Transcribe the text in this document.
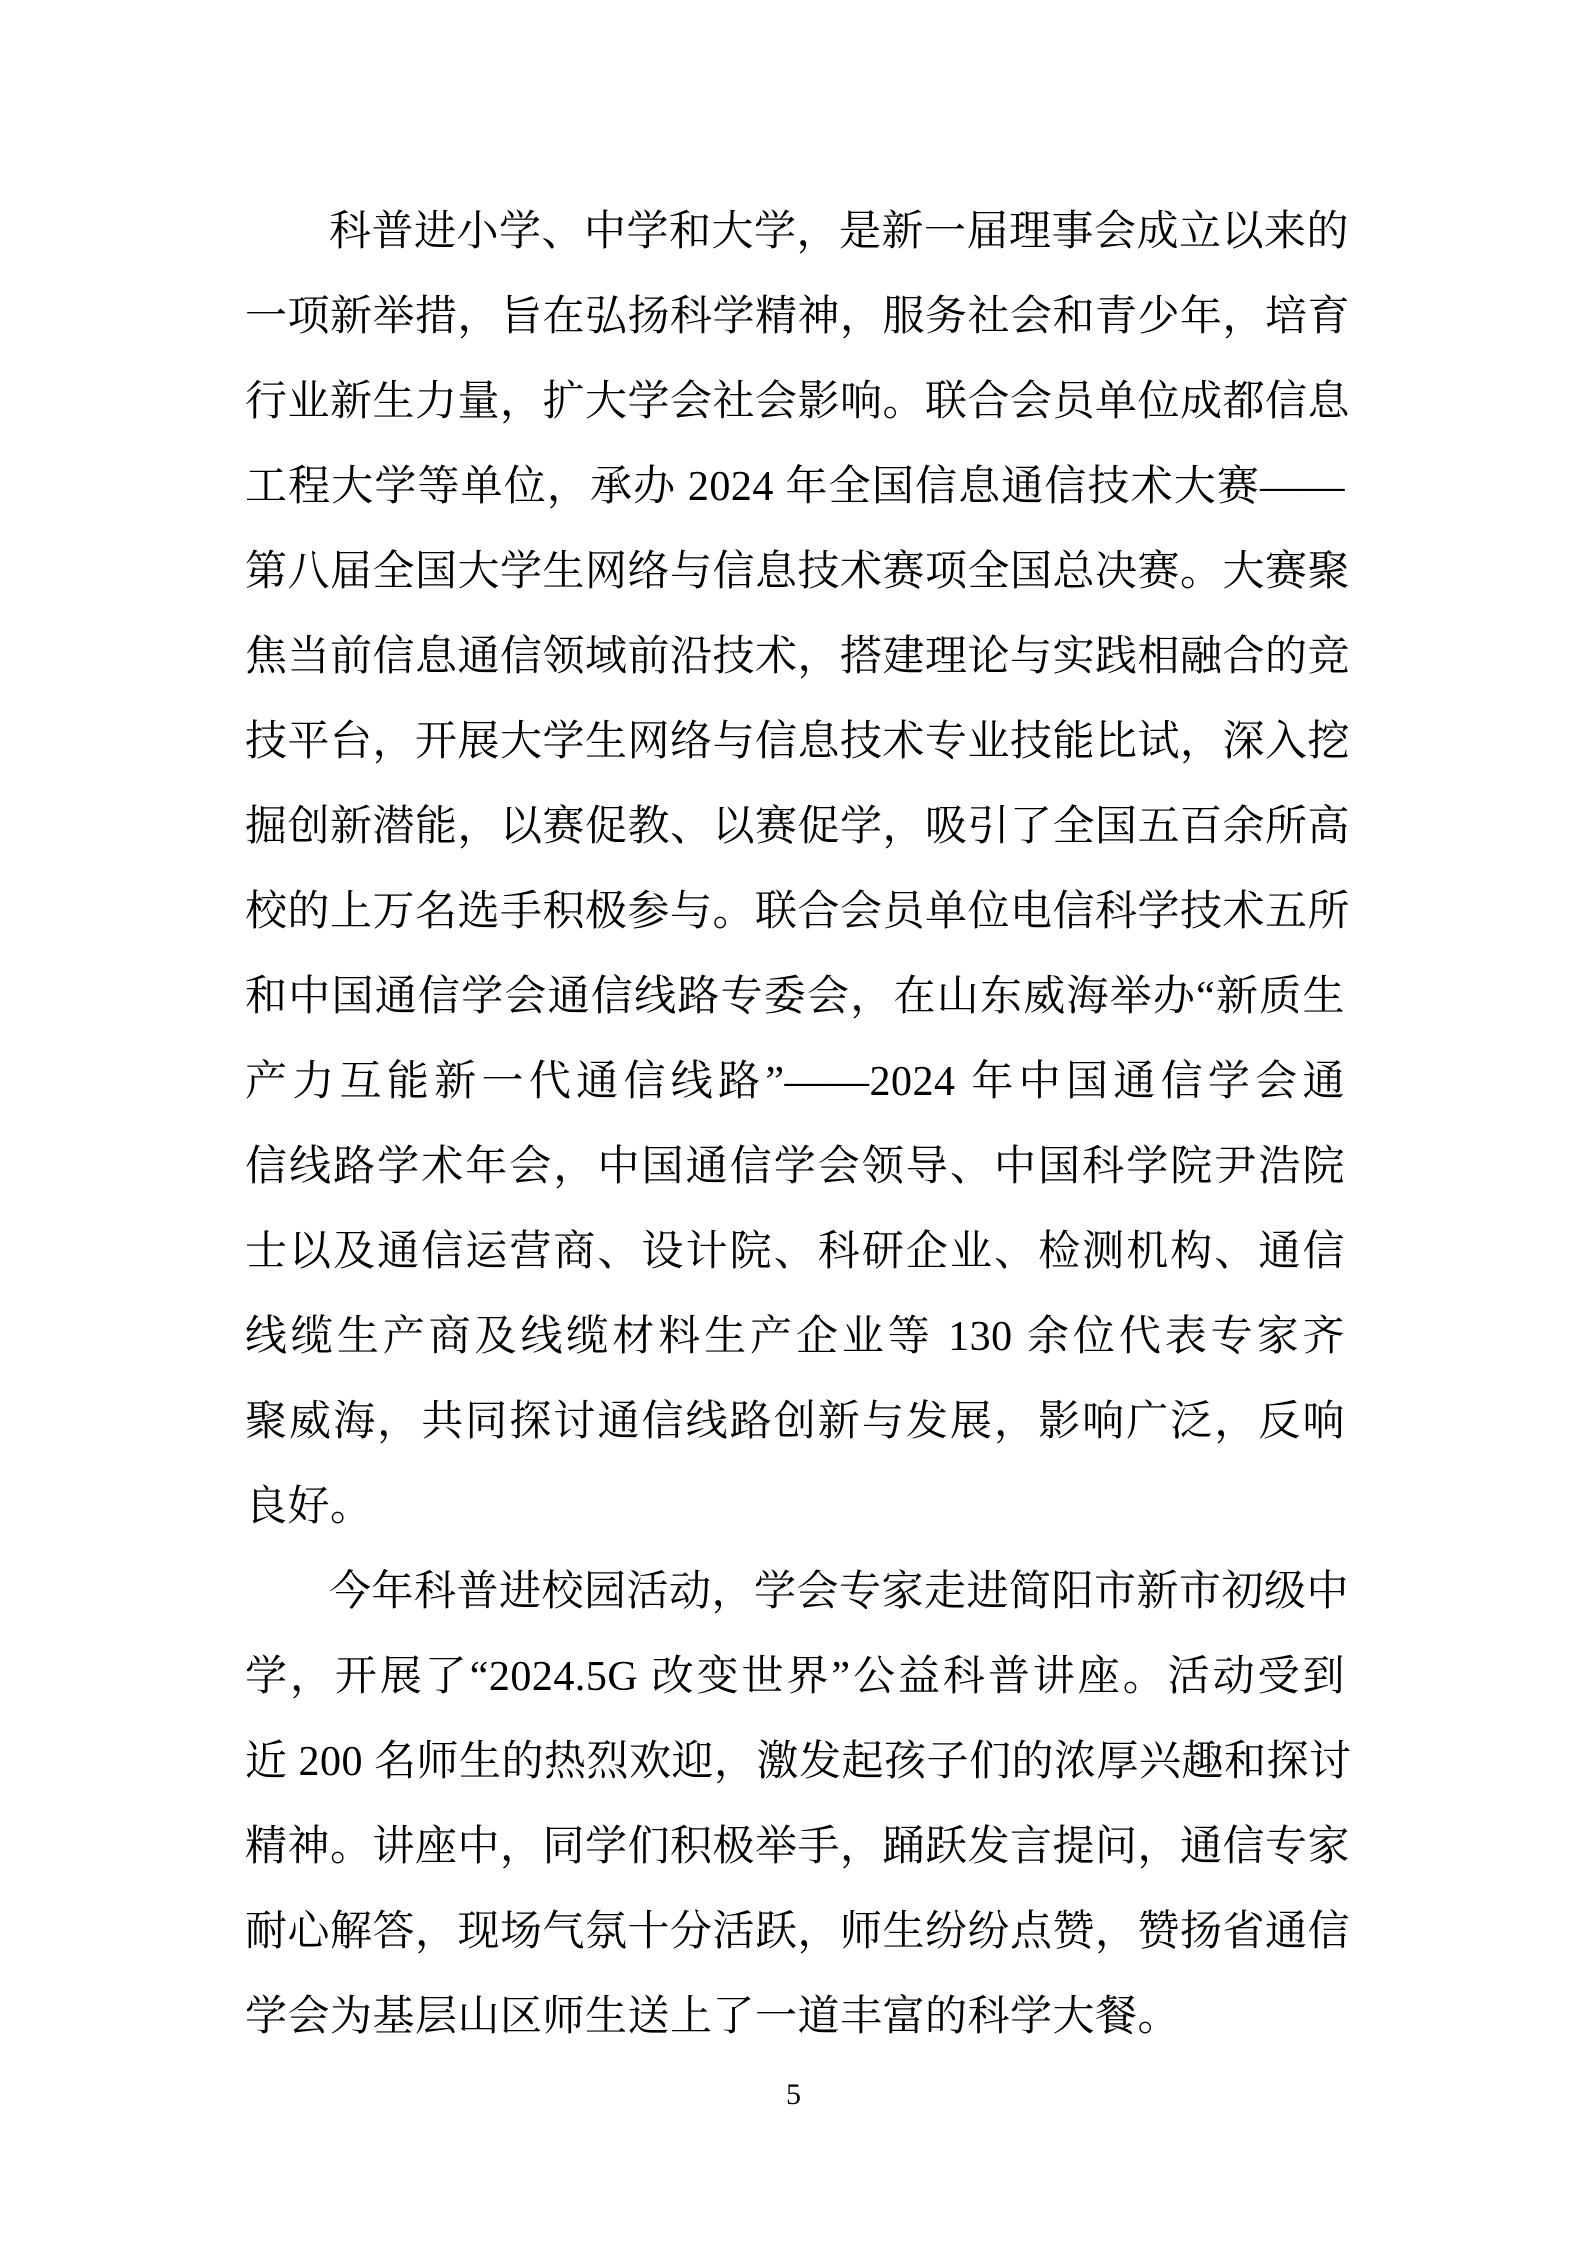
科普进小学、中学和大学，是新一届理事会成立以来的
一项新举措，旨在弘扬科学精神，服务社会和青少年，培育
行业新生力量，扩大学会社会影响。联合会员单位成都信息
工程大学等单位，承办 2024 年全国信息通信技术大赛——
第八届全国大学生网络与信息技术赛项全国总决赛。大赛聚
焦当前信息通信领域前沿技术，搭建理论与实践相融合的竞
技平台，开展大学生网络与信息技术专业技能比试，深入挖
掘创新潜能，以赛促教、以赛促学，吸引了全国五百余所高
校的上万名选手积极参与。联合会员单位电信科学技术五所
和中国通信学会通信线路专委会，在山东威海举办“新质生
产力互能新一代通信线路”——2024 年中国通信学会通
信线路学术年会，中国通信学会领导、中国科学院尹浩院
士以及通信运营商、设计院、科研企业、检测机构、通信
线缆生产商及线缆材料生产企业等 130 余位代表专家齐
聚威海，共同探讨通信线路创新与发展，影响广泛，反响
良好。
今年科普进校园活动，学会专家走进简阳市新市初级中
学，开展了“2024.5G 改变世界”公益科普讲座。活动受到
近 200 名师生的热烈欢迎，激发起孩子们的浓厚兴趣和探讨
精神。讲座中，同学们积极举手，踊跃发言提问，通信专家
耐心解答，现场气氛十分活跃，师生纷纷点赞，赞扬省通信
学会为基层山区师生送上了一道丰富的科学大餐。
5
